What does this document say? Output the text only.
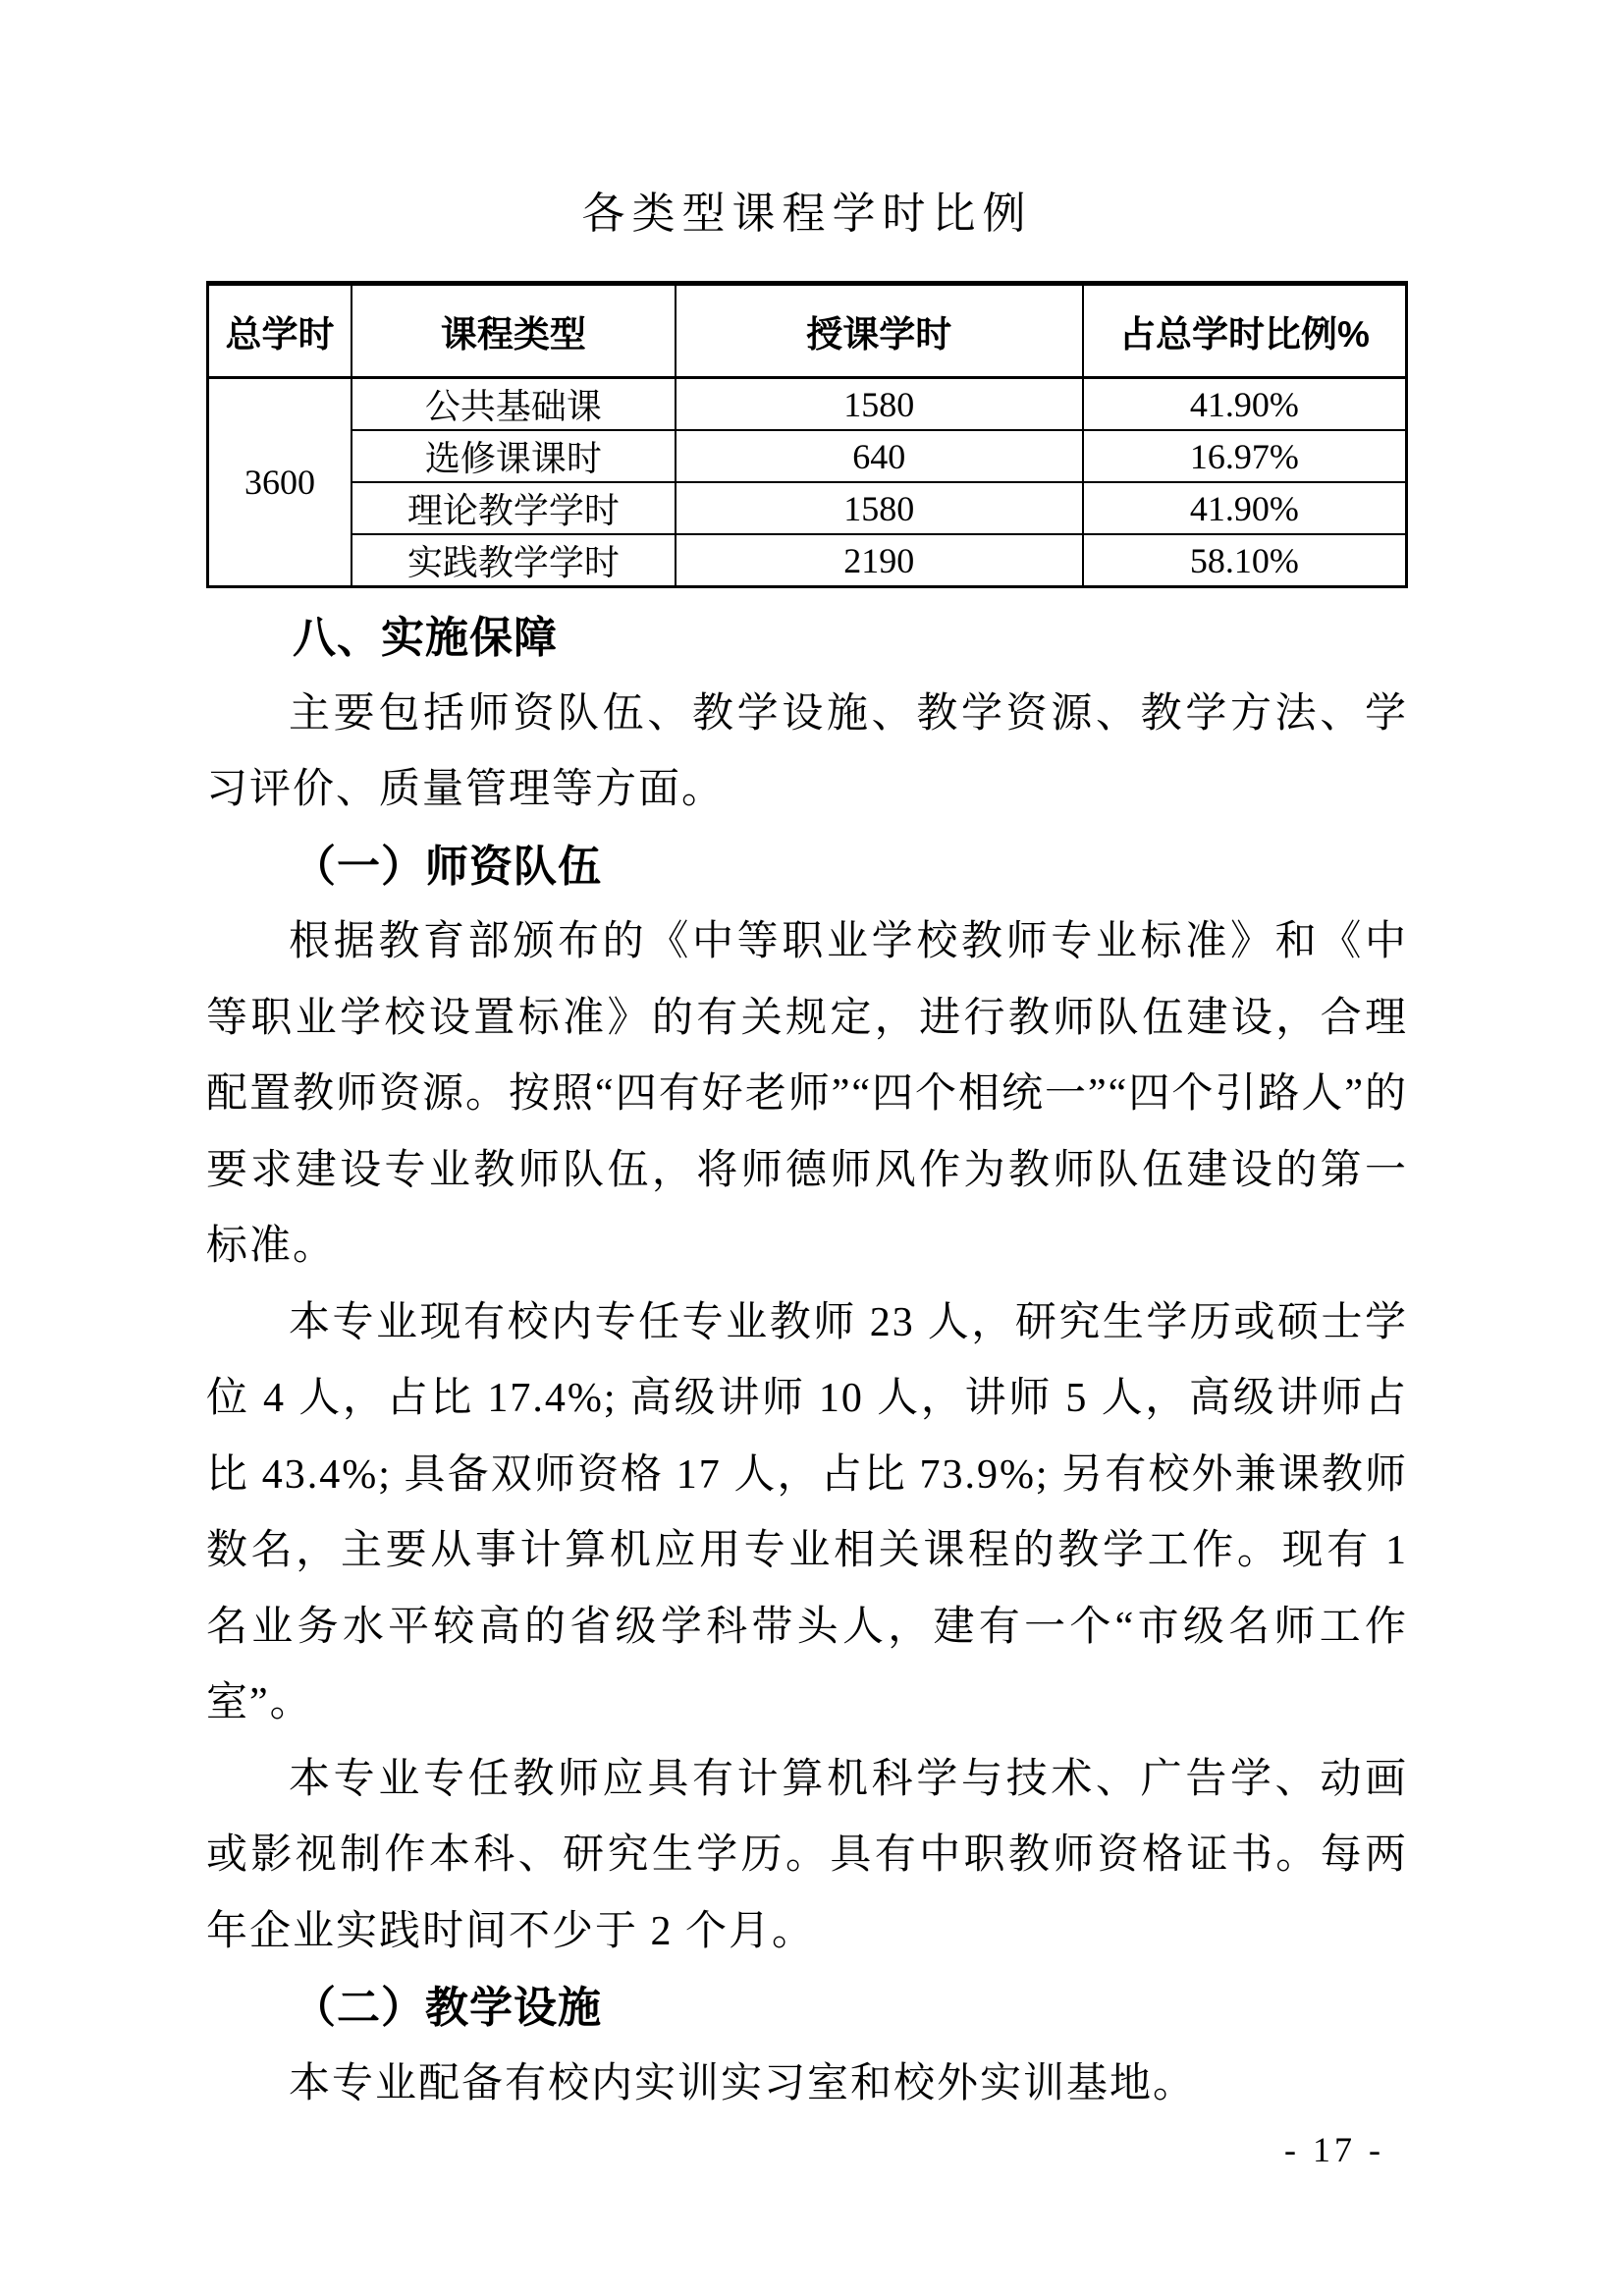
各类型课程学时比例
总学时	课程类型	授课学时	占总学时比例%
3600	公共基础课	1580	41.90%
	选修课课时	640	16.97%
	理论教学学时	1580	41.90%
	实践教学学时	2190	58.10%
八、实施保障

主要包括师资队伍、教学设施、教学资源、教学方法、学习评价、质量管理等方面。

（一）师资队伍

根据教育部颁布的《中等职业学校教师专业标准》和《中等职业学校设置标准》的有关规定，进行教师队伍建设，合理配置教师资源。按照“四有好老师”“四个相统一”“四个引路人”的要求建设专业教师队伍，将师德师风作为教师队伍建设的第一标准。

本专业现有校内专任专业教师 23 人，研究生学历或硕士学位 4 人，占比 17.4%; 高级讲师 10 人，讲师 5 人，高级讲师占比 43.4%; 具备双师资格 17 人，占比 73.9%; 另有校外兼课教师数名，主要从事计算机应用专业相关课程的教学工作。现有 1 名业务水平较高的省级学科带头人，建有一个“市级名师工作室”。

本专业专任教师应具有计算机科学与技术、广告学、动画或影视制作本科、研究生学历。具有中职教师资格证书。每两年企业实践时间不少于 2 个月。

（二）教学设施

本专业配备有校内实训实习室和校外实训基地。

- 17 -
